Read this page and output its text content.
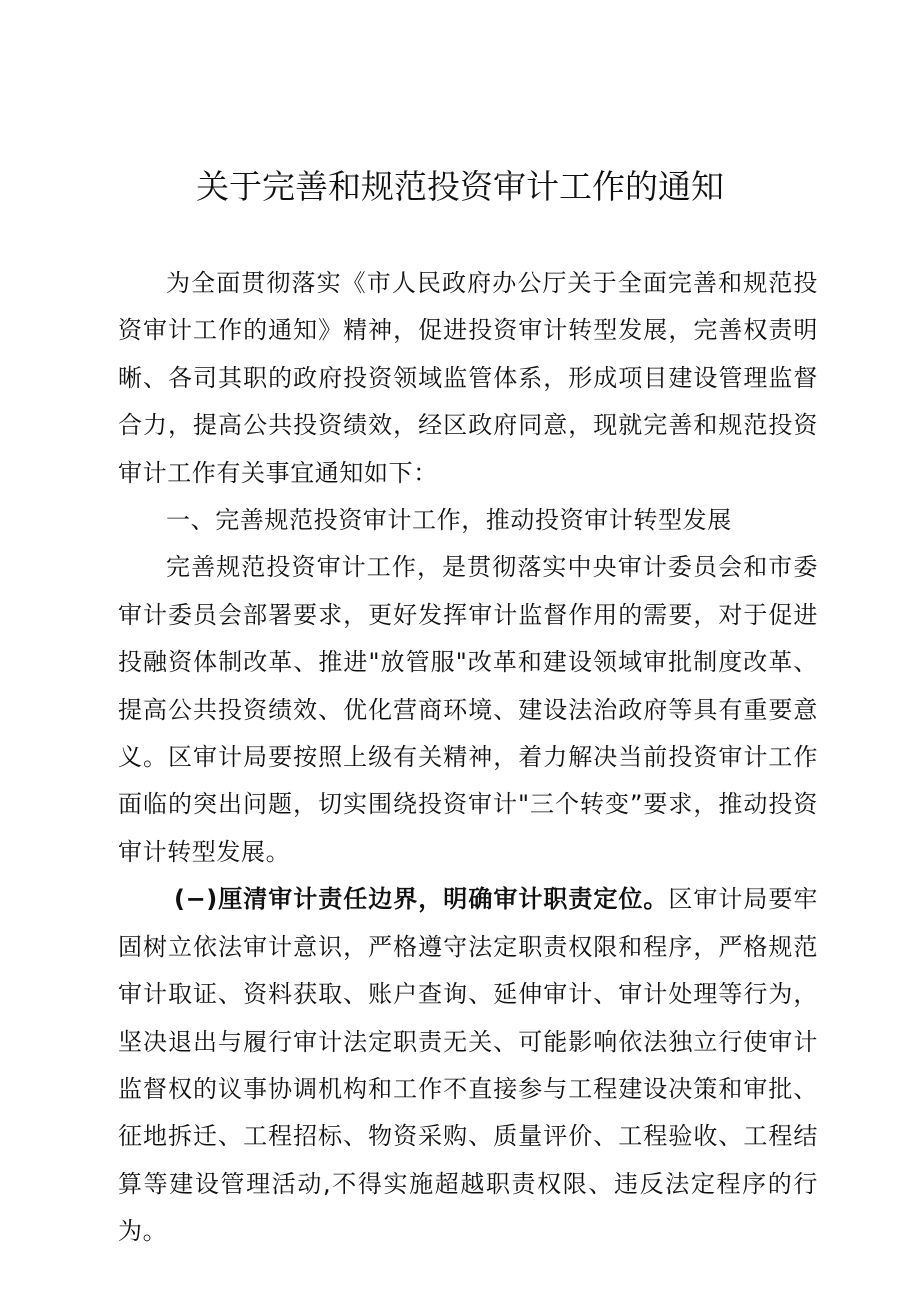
关于完善和规范投资审计工作的通知

为全面贯彻落实《市人民政府办公厅关于全面完善和规范投资审计工作的通知》精神，促进投资审计转型发展，完善权责明晰、各司其职的政府投资领域监管体系，形成项目建设管理监督合力，提高公共投资绩效，经区政府同意，现就完善和规范投资审计工作有关事宜通知如下：

一、完善规范投资审计工作，推动投资审计转型发展

完善规范投资审计工作，是贯彻落实中央审计委员会和市委审计委员会部署要求，更好发挥审计监督作用的需要，对于促进投融资体制改革、推进"放管服"改革和建设领域审批制度改革、提高公共投资绩效、优化营商环境、建设法治政府等具有重要意义。区审计局要按照上级有关精神，着力解决当前投资审计工作面临的突出问题，切实围绕投资审计"三个转变”要求，推动投资审计转型发展。

(−)厘清审计责任边界，明确审计职责定位。区审计局要牢固树立依法审计意识，严格遵守法定职责权限和程序，严格规范审计取证、资料获取、账户查询、延伸审计、审计处理等行为，坚决退出与履行审计法定职责无关、可能影响依法独立行使审计监督权的议事协调机构和工作不直接参与工程建设决策和审批、征地拆迁、工程招标、物资采购、质量评价、工程验收、工程结算等建设管理活动,不得实施超越职责权限、违反法定程序的行为。
